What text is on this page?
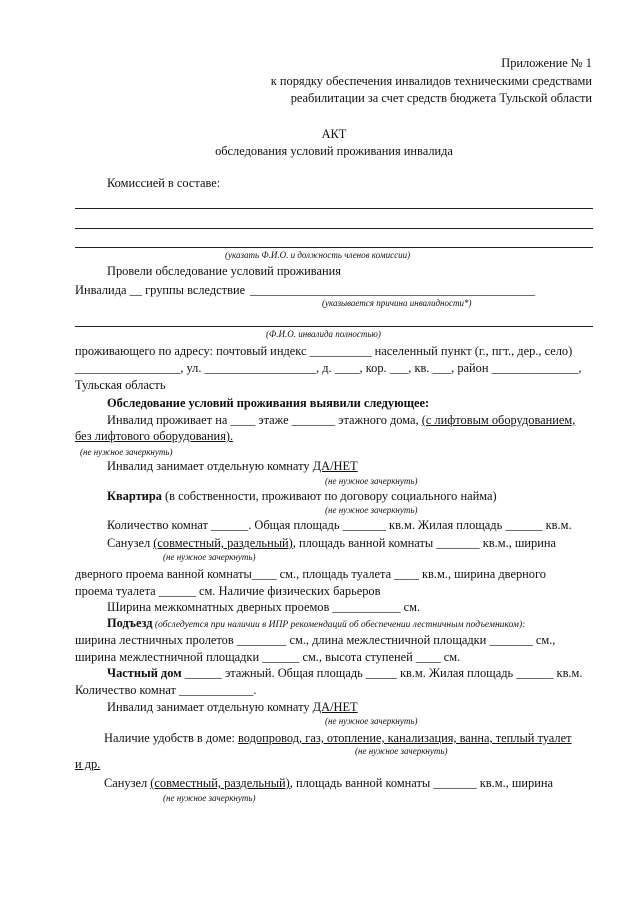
Приложение № 1
к порядку обеспечения инвалидов техническими средствами
реабилитации за счет средств бюджета Тульской области
АКТ
обследования условий проживания инвалида
Комиссией в составе:
(указать Ф.И.О. и должность членов комиссии)
Провели обследование условий проживания
Инвалида __ группы вследствие ______________________________________________
(указывается причина инвалидности*)
(Ф.И.О. инвалида полностью)
проживающего по адресу: почтовый индекс __________ населенный пункт (г., пгт., дер., село)
_________________, ул. __________________, д. ____, кор. ___, кв. ___, район ______________,
Тульская область
Обследование условий проживания выявили следующее:
Инвалид проживает на ____ этаже _______ этажного дома, (с лифтовым оборудованием,
без лифтового оборудования).
(не нужное зачеркнуть)
Инвалид занимает отдельную комнату ДА/НЕТ
(не нужное зачеркнуть)
Квартира (в собственности, проживают по договору социального найма)
(не нужное зачеркнуть)
Количество комнат ______. Общая площадь _______ кв.м. Жилая площадь ______ кв.м.
Санузел (совместный, раздельный), площадь ванной комнаты _______ кв.м., ширина
(не нужное зачеркнуть)
дверного проема ванной комнаты____ см., площадь туалета ____ кв.м., ширина дверного
проема туалета ______ см. Наличие физических барьеров
Ширина межкомнатных дверных проемов ___________ см.
Подъезд (обследуется при наличии в ИПР рекомендаций об обеспечении лестничным подъемником):
ширина лестничных пролетов ________ см., длина межлестничной площадки _______ см.,
ширина межлестничной площадки ______ см., высота ступеней ____ см.
Частный дом ______ этажный. Общая площадь _____ кв.м. Жилая площадь ______ кв.м.
Количество комнат ____________.
Инвалид занимает отдельную комнату ДА/НЕТ
(не нужное зачеркнуть)
Наличие удобств в доме: водопровод, газ, отопление, канализация, ванна, теплый туалет
(не нужное зачеркнуть)
и др.
Санузел (совместный, раздельный), площадь ванной комнаты _______ кв.м., ширина
(не нужное зачеркнуть)
